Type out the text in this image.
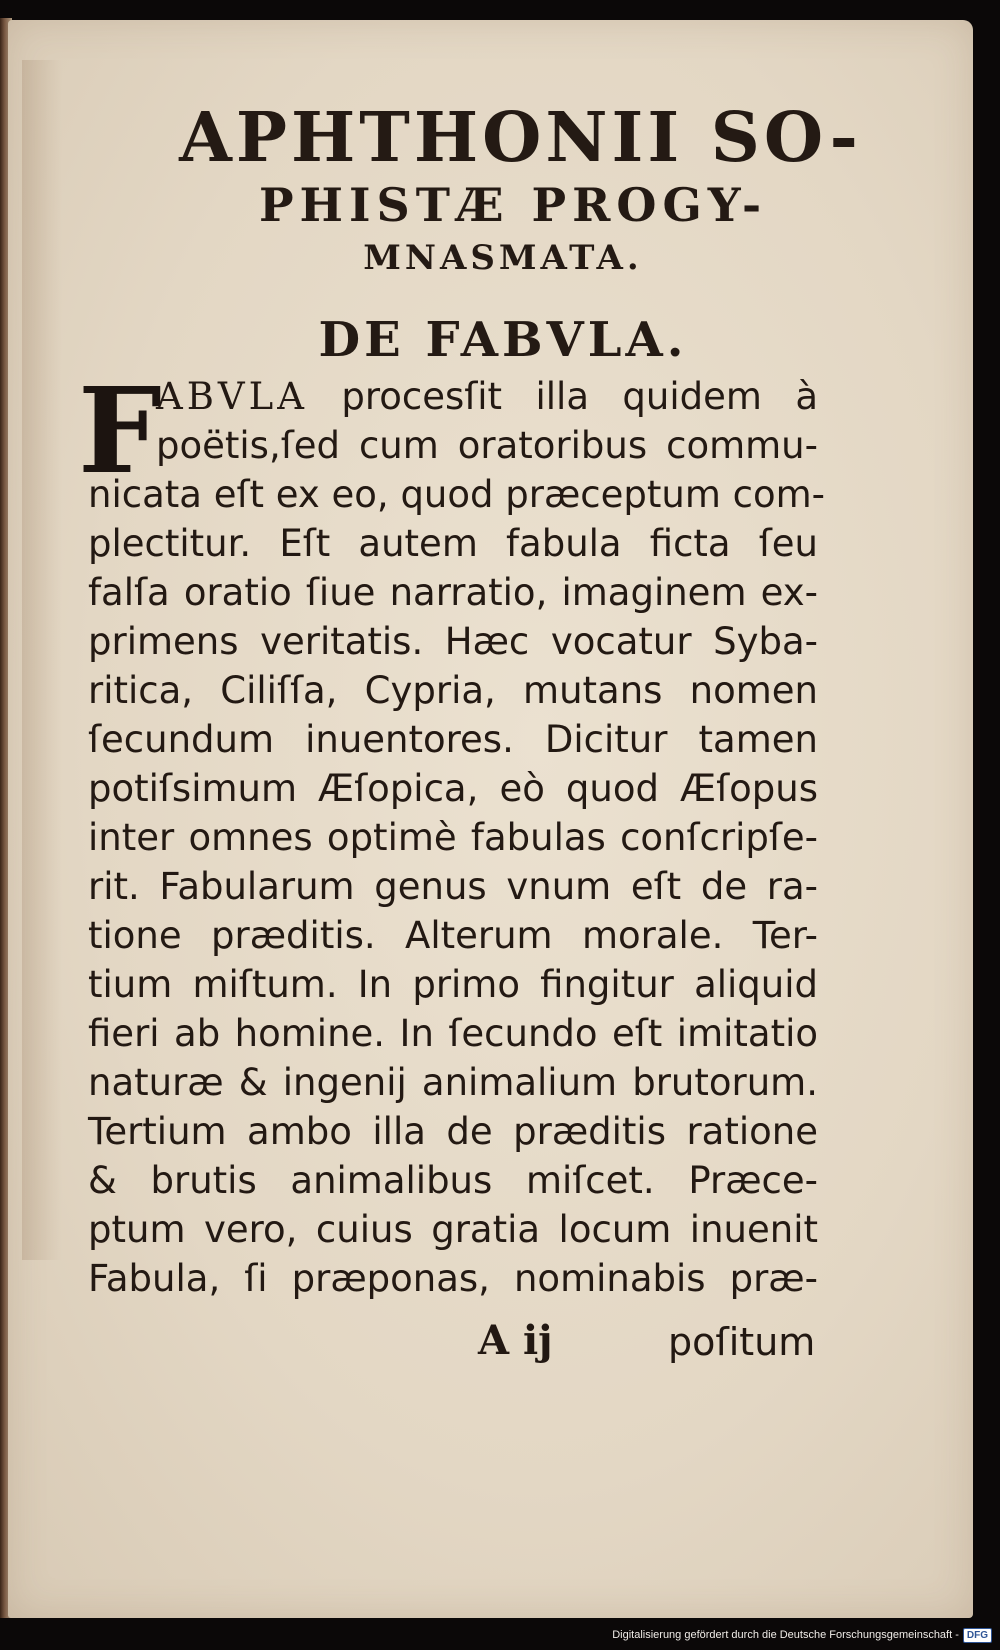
APHTHONII SO-
PHISTÆ PROGY-
MNASMATA.
DE FABVLA.
F
ABVLA procesſit illa quidem à
poëtis,ſed cum oratoribus commu-
nicata eſt ex eo, quod præceptum com-
plectitur. Eſt autem fabula ficta ſeu
falſa oratio ſiue narratio, imaginem ex-
primens veritatis. Hæc vocatur Syba-
ritica, Ciliſſa, Cypria, mutans nomen
ſecundum inuentores. Dicitur tamen
potiſsimum Æſopica, eò quod Æſopus
inter omnes optimè fabulas conſcripſe-
rit. Fabularum genus vnum eſt de ra-
tione præditis. Alterum morale. Ter-
tium miſtum. In primo fingitur aliquid
fieri ab homine. In ſecundo eſt imitatio
naturæ & ingenij animalium brutorum.
Tertium ambo illa de præditis ratione
& brutis animalibus miſcet. Præce-
ptum vero, cuius gratia locum inuenit
Fabula, ſi præponas, nominabis præ-
A ij	poſitum
Digitalisierung gefördert durch die Deutsche Forschungsgemeinschaft - DFG
